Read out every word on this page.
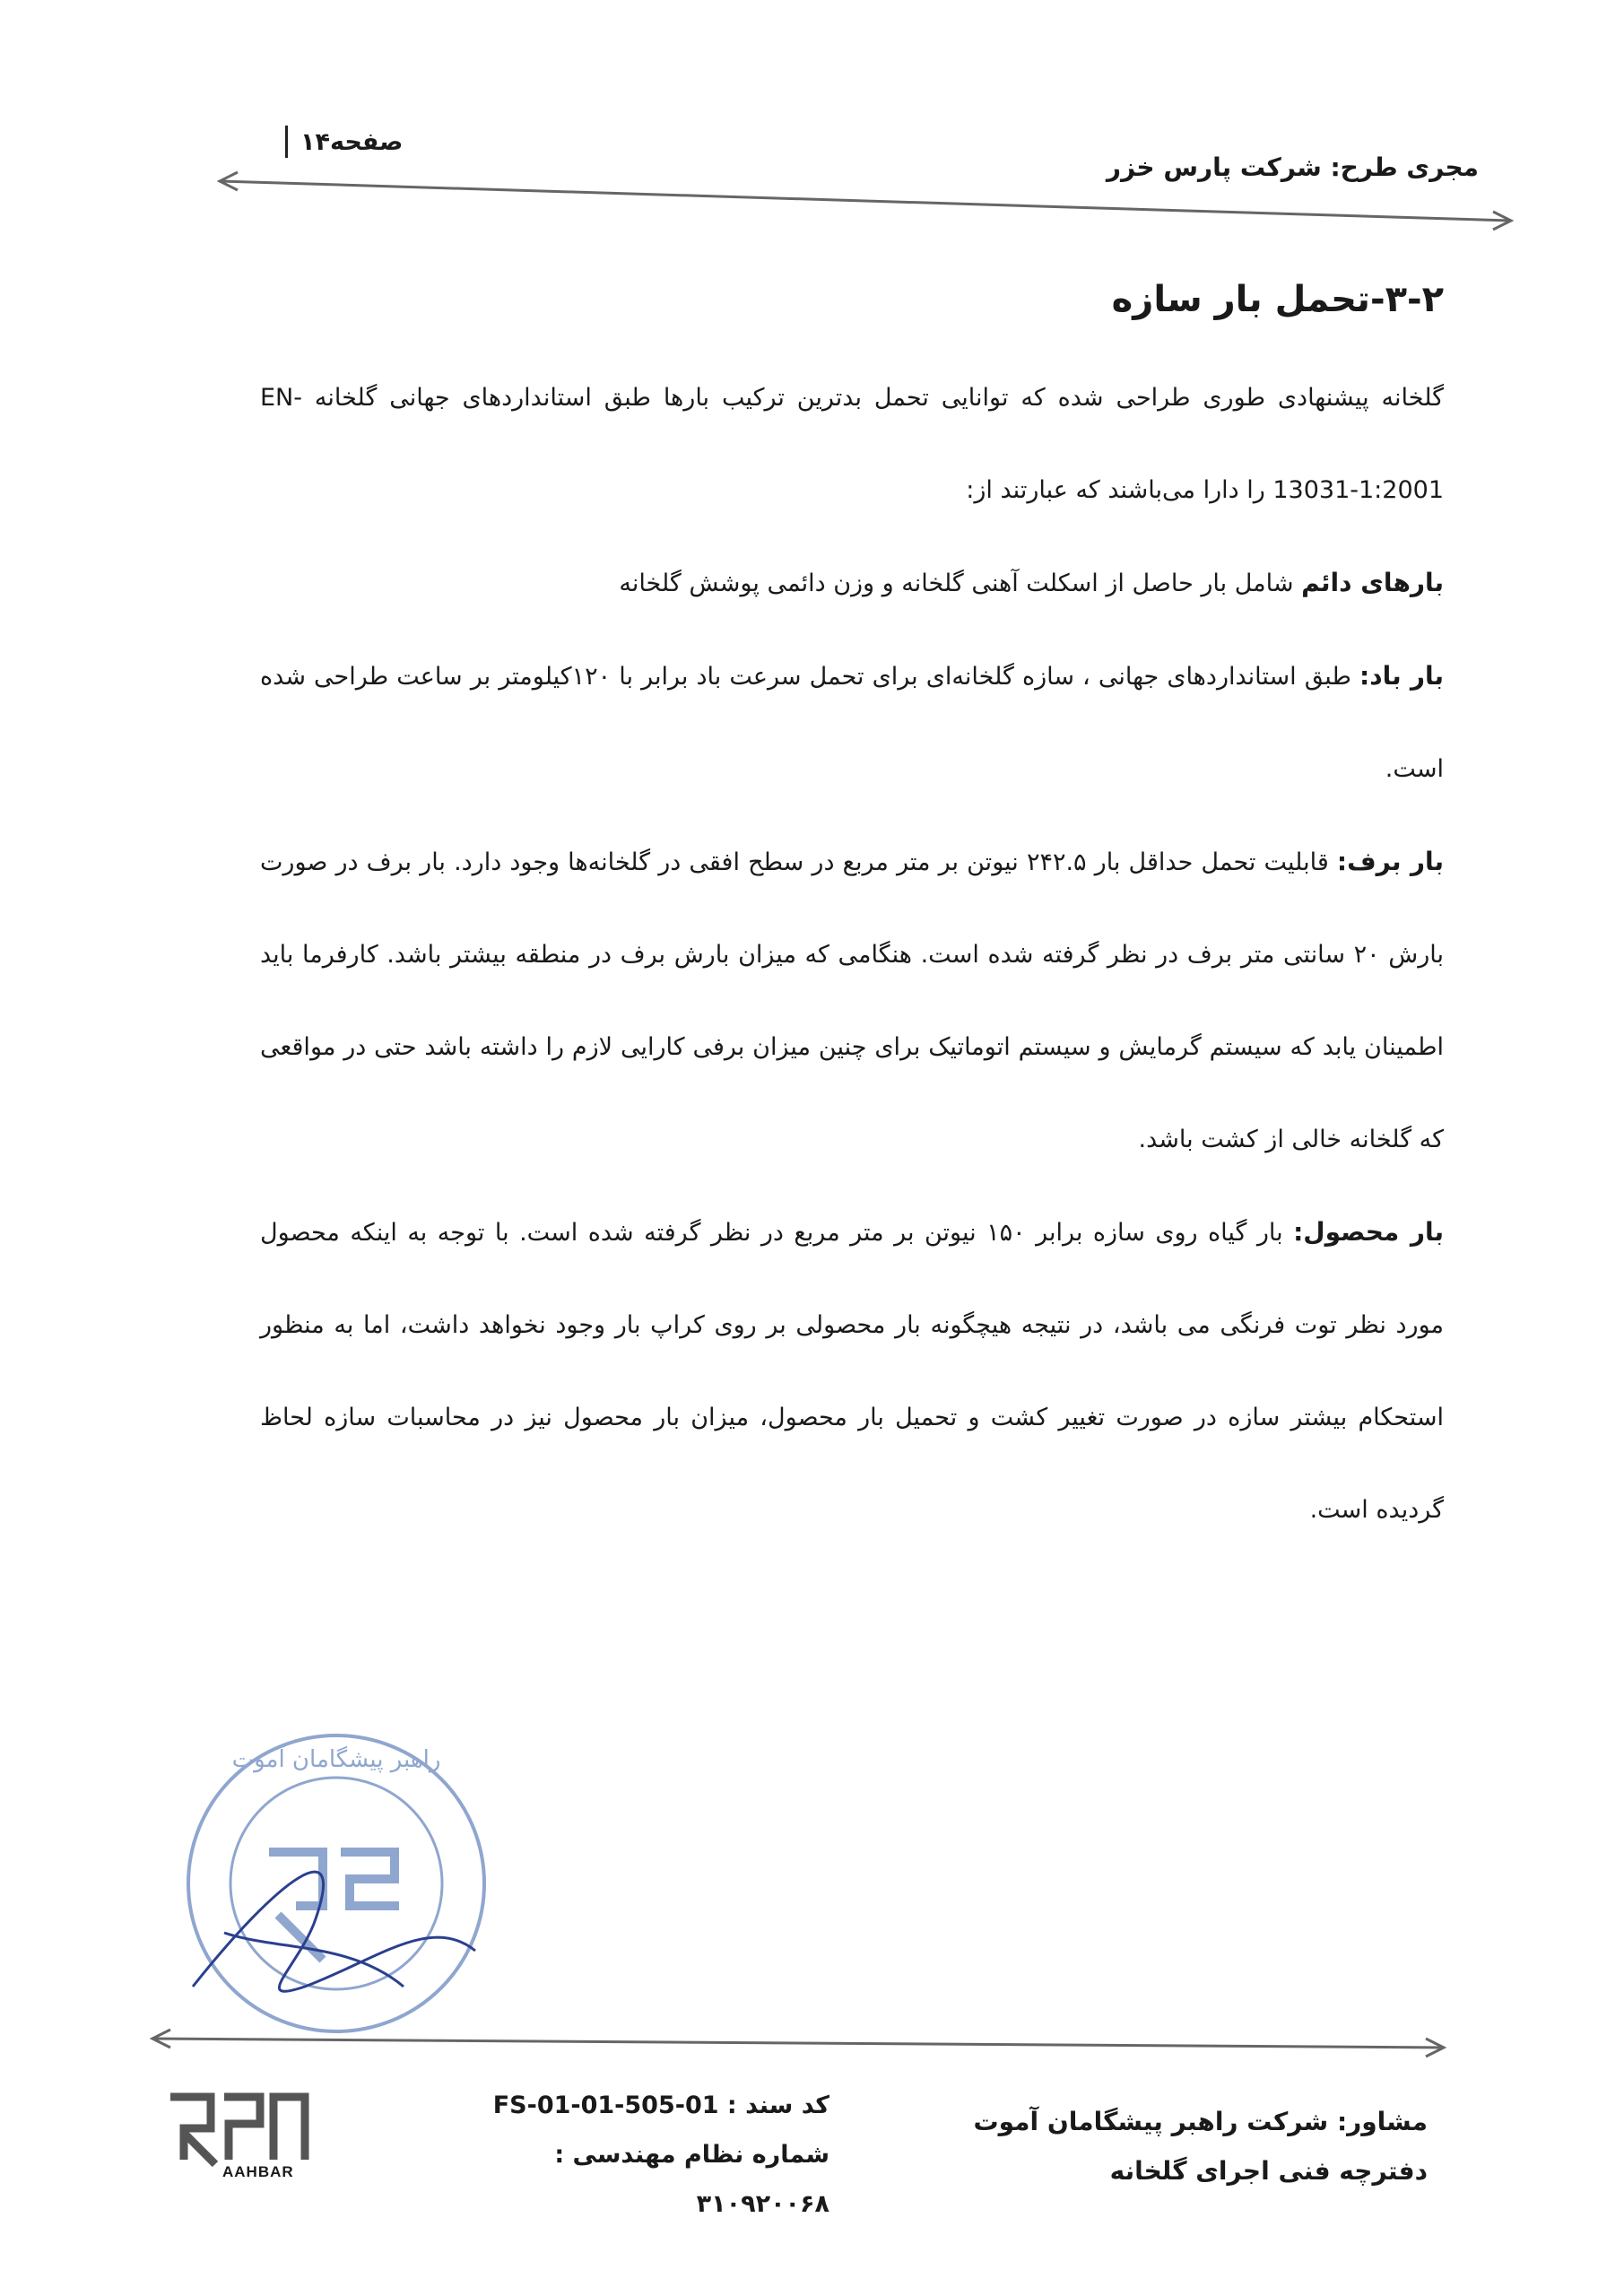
صفحه۱۴
مجری طرح: شرکت پارس خزر
۳-۲-تحمل بار سازه

گلخانه پیشنهادی طوری طراحی شده که توانایی تحمل بدترین ترکیب بارها طبق استانداردهای جهانی گلخانه EN-13031-1:2001 را دارا می‌باشند که عبارتند از:

بارهای دائم شامل بار حاصل از اسکلت آهنی گلخانه و وزن دائمی پوشش گلخانه

بار باد: طبق استانداردهای جهانی ، سازه گلخانه‌ای برای تحمل سرعت باد برابر با ۱۲۰کیلومتر بر ساعت طراحی شده است.

بار برف: قابلیت تحمل حداقل بار ۲۴۲.۵ نیوتن بر متر مربع در سطح افقی در گلخانه‌ها وجود دارد. بار برف در صورت بارش ۲۰ سانتی متر برف در نظر گرفته شده است. هنگامی که میزان بارش برف در منطقه بیشتر باشد. کارفرما باید اطمینان یابد که سیستم گرمایش و سیستم اتوماتیک برای چنین میزان برفی کارایی لازم را داشته باشد حتی در مواقعی که گلخانه خالی از کشت باشد.

بار محصول: بار گیاه روی سازه برابر ۱۵۰ نیوتن بر متر مربع در نظر گرفته شده است. با توجه به اینکه محصول مورد نظر توت فرنگی می باشد، در نتیجه هیچگونه بار محصولی بر روی کراپ بار وجود نخواهد داشت، اما به منظور استحکام بیشتر سازه در صورت تغییر کشت و تحمیل بار محصول، میزان بار محصول نیز در محاسبات سازه لحاظ گردیده است.

راهبر پیشگامان آموت
مشاور: شرکت راهبر پیشگامان آموت
دفترچه فنی اجرای گلخانه
کد سند : FS-01-01-505-01
شماره نظام مهندسی : ۳۱۰۹۲۰۰۶۸
AAHBAR
